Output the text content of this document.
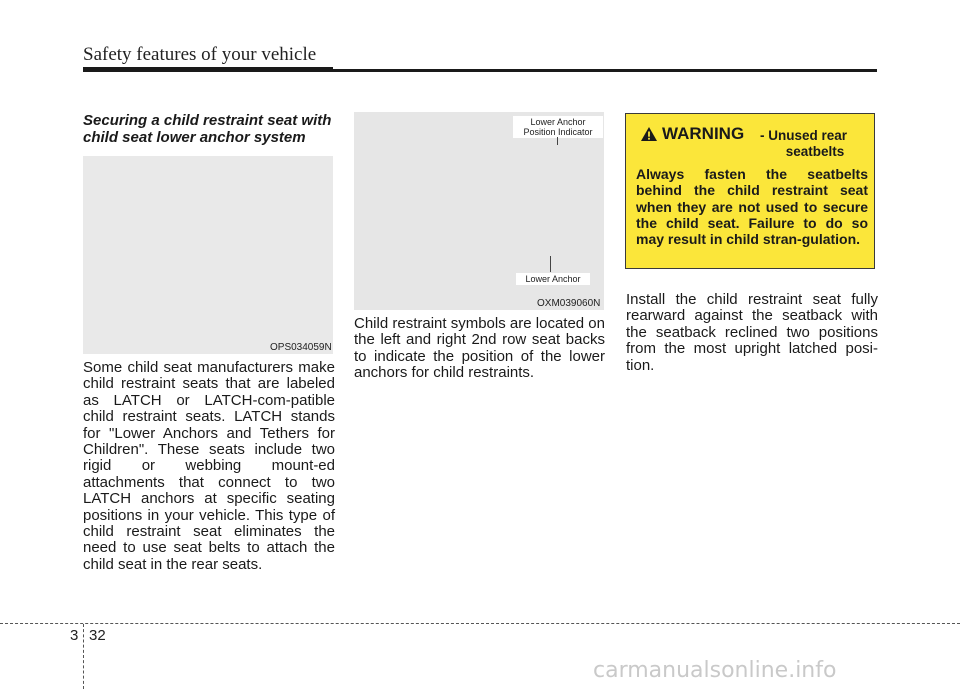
Safety features of your vehicle
Securing a child restraint seat with
child seat lower anchor system
OPS034059N
Some child seat manufacturers make child restraint seats that are labeled as LATCH or LATCH-com-patible child restraint seats. LATCH stands for "Lower Anchors and Tethers for Children". These seats include two rigid or webbing mount-ed attachments that connect to two LATCH anchors at specific seating positions in your vehicle. This type of child restraint seat eliminates the need to use seat belts to attach the child seat in the rear seats.
Lower Anchor
Position Indicator
Lower Anchor
OXM039060N
Child restraint symbols are located on the left and right 2nd row seat backs to indicate the position of the lower anchors for child restraints.
WARNING - Unused rear
seatbelts
Always fasten the seatbelts behind the child restraint seat when they are not used to secure the child seat. Failure to do so may result in child stran-gulation.
Install the child restraint seat fully rearward against the seatback with the seatback reclined two positions from the most upright latched posi-tion.
3 32
carmanualsonline.info
